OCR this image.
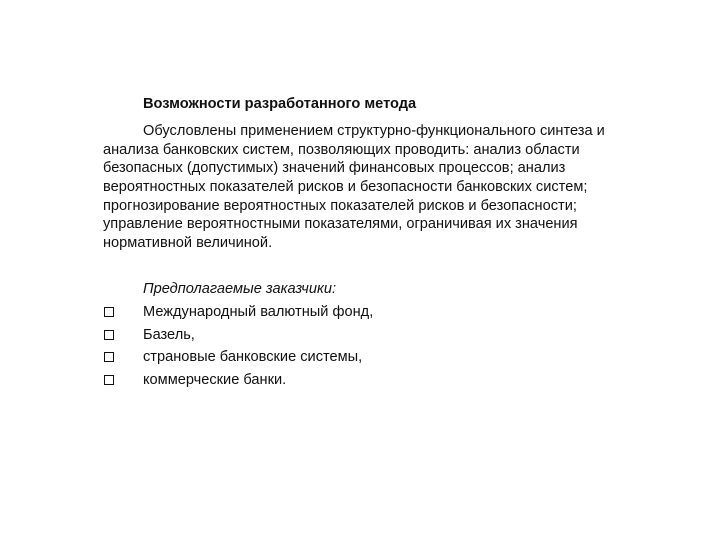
Возможности разработанного метода
Обусловлены применением структурно-функционального синтеза и
анализа банковских систем, позволяющих проводить: анализ области
безопасных (допустимых) значений финансовых процессов; анализ
вероятностных показателей рисков и безопасности банковских систем;
прогнозирование вероятностных показателей рисков и безопасности;
управление вероятностными показателями, ограничивая их значения
нормативной величиной.
Предполагаемые заказчики:
Международный валютный фонд,
Базель,
страновые банковские системы,
коммерческие банки.
